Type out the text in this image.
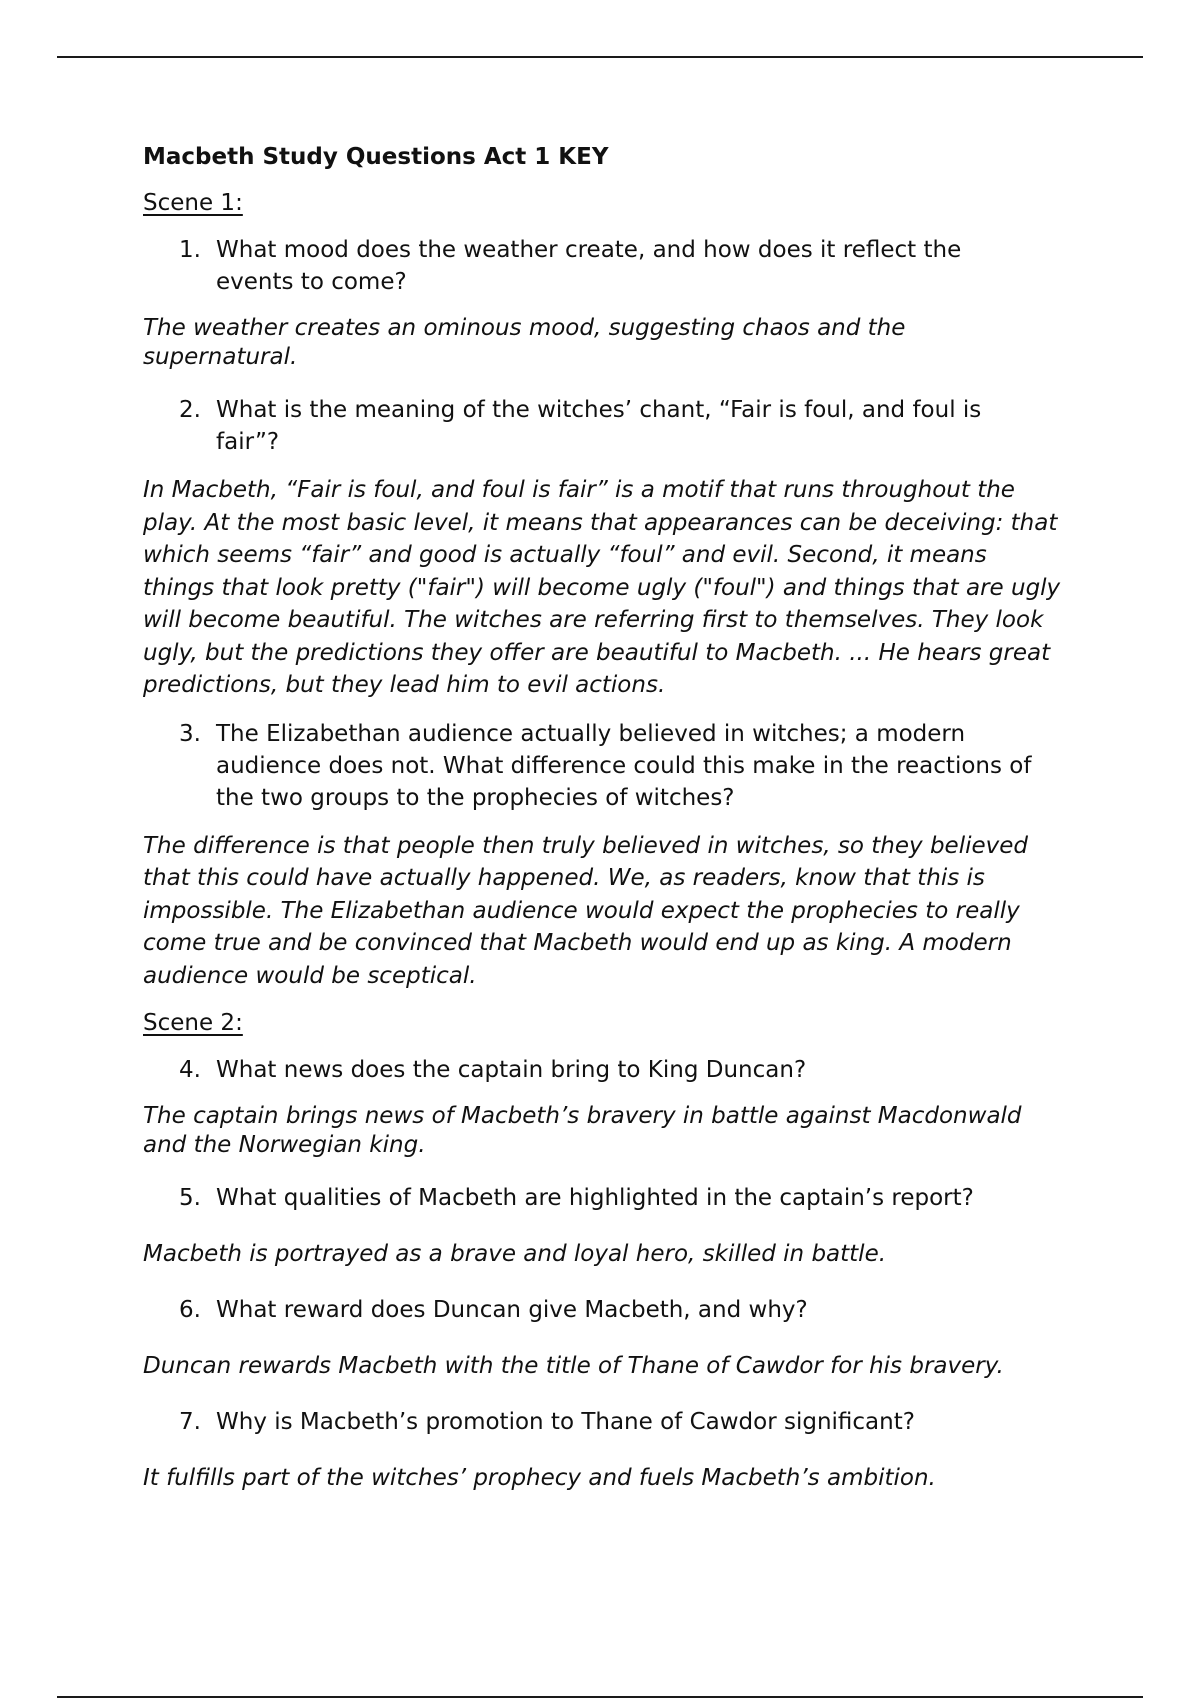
Macbeth Study Questions Act 1 KEY
Scene 1:
1. What mood does the weather create, and how does it reflect the events to come?
The weather creates an ominous mood, suggesting chaos and the supernatural.
2. What is the meaning of the witches’ chant, “Fair is foul, and foul is fair”?
In Macbeth, “Fair is foul, and foul is fair” is a motif that runs throughout the play. At the most basic level, it means that appearances can be deceiving: that which seems “fair” and good is actually “foul” and evil. Second, it means things that look pretty ("fair") will become ugly ("foul") and things that are ugly will become beautiful. The witches are referring first to themselves. They look ugly, but the predictions they offer are beautiful to Macbeth. ... He hears great predictions, but they lead him to evil actions.
3. The Elizabethan audience actually believed in witches; a modern audience does not. What difference could this make in the reactions of the two groups to the prophecies of witches?
The difference is that people then truly believed in witches, so they believed that this could have actually happened. We, as readers, know that this is impossible. The Elizabethan audience would expect the prophecies to really come true and be convinced that Macbeth would end up as king. A modern audience would be sceptical.
Scene 2:
4. What news does the captain bring to King Duncan?
The captain brings news of Macbeth’s bravery in battle against Macdonwald and the Norwegian king.
5. What qualities of Macbeth are highlighted in the captain’s report?
Macbeth is portrayed as a brave and loyal hero, skilled in battle.
6. What reward does Duncan give Macbeth, and why?
Duncan rewards Macbeth with the title of Thane of Cawdor for his bravery.
7. Why is Macbeth’s promotion to Thane of Cawdor significant?
It fulfills part of the witches’ prophecy and fuels Macbeth’s ambition.
